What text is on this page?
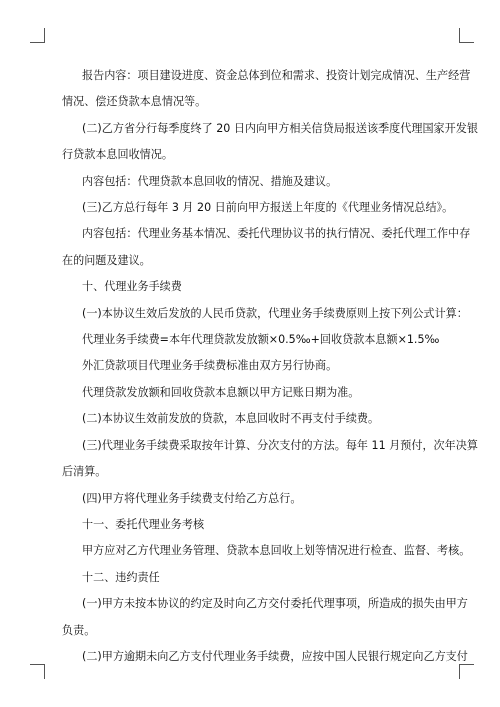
报告内容：项目建设进度、资金总体到位和需求、投资计划完成情况、生产经营
情况、偿还贷款本息情况等。
(二)乙方省分行每季度终了 20 日内向甲方相关信贷局报送该季度代理国家开发银
行贷款本息回收情况。
内容包括：代理贷款本息回收的情况、措施及建议。
(三)乙方总行每年 3 月 20 日前向甲方报送上年度的《代理业务情况总结》。
内容包括：代理业务基本情况、委托代理协议书的执行情况、委托代理工作中存
在的问题及建议。
十、代理业务手续费
(一)本协议生效后发放的人民币贷款，代理业务手续费原则上按下列公式计算：
代理业务手续费=本年代理贷款发放额×0.5‰+回收贷款本息额×1.5‰
外汇贷款项目代理业务手续费标准由双方另行协商。
代理贷款发放额和回收贷款本息额以甲方记账日期为准。
(二)本协议生效前发放的贷款，本息回收时不再支付手续费。
(三)代理业务手续费采取按年计算、分次支付的方法。每年 11 月预付，次年决算
后清算。
(四)甲方将代理业务手续费支付给乙方总行。
十一、委托代理业务考核
甲方应对乙方代理业务管理、贷款本息回收上划等情况进行检查、监督、考核。
十二、违约责任
(一)甲方未按本协议的约定及时向乙方交付委托代理事项，所造成的损失由甲方
负责。
(二)甲方逾期未向乙方支付代理业务手续费，应按中国人民银行规定向乙方支付
